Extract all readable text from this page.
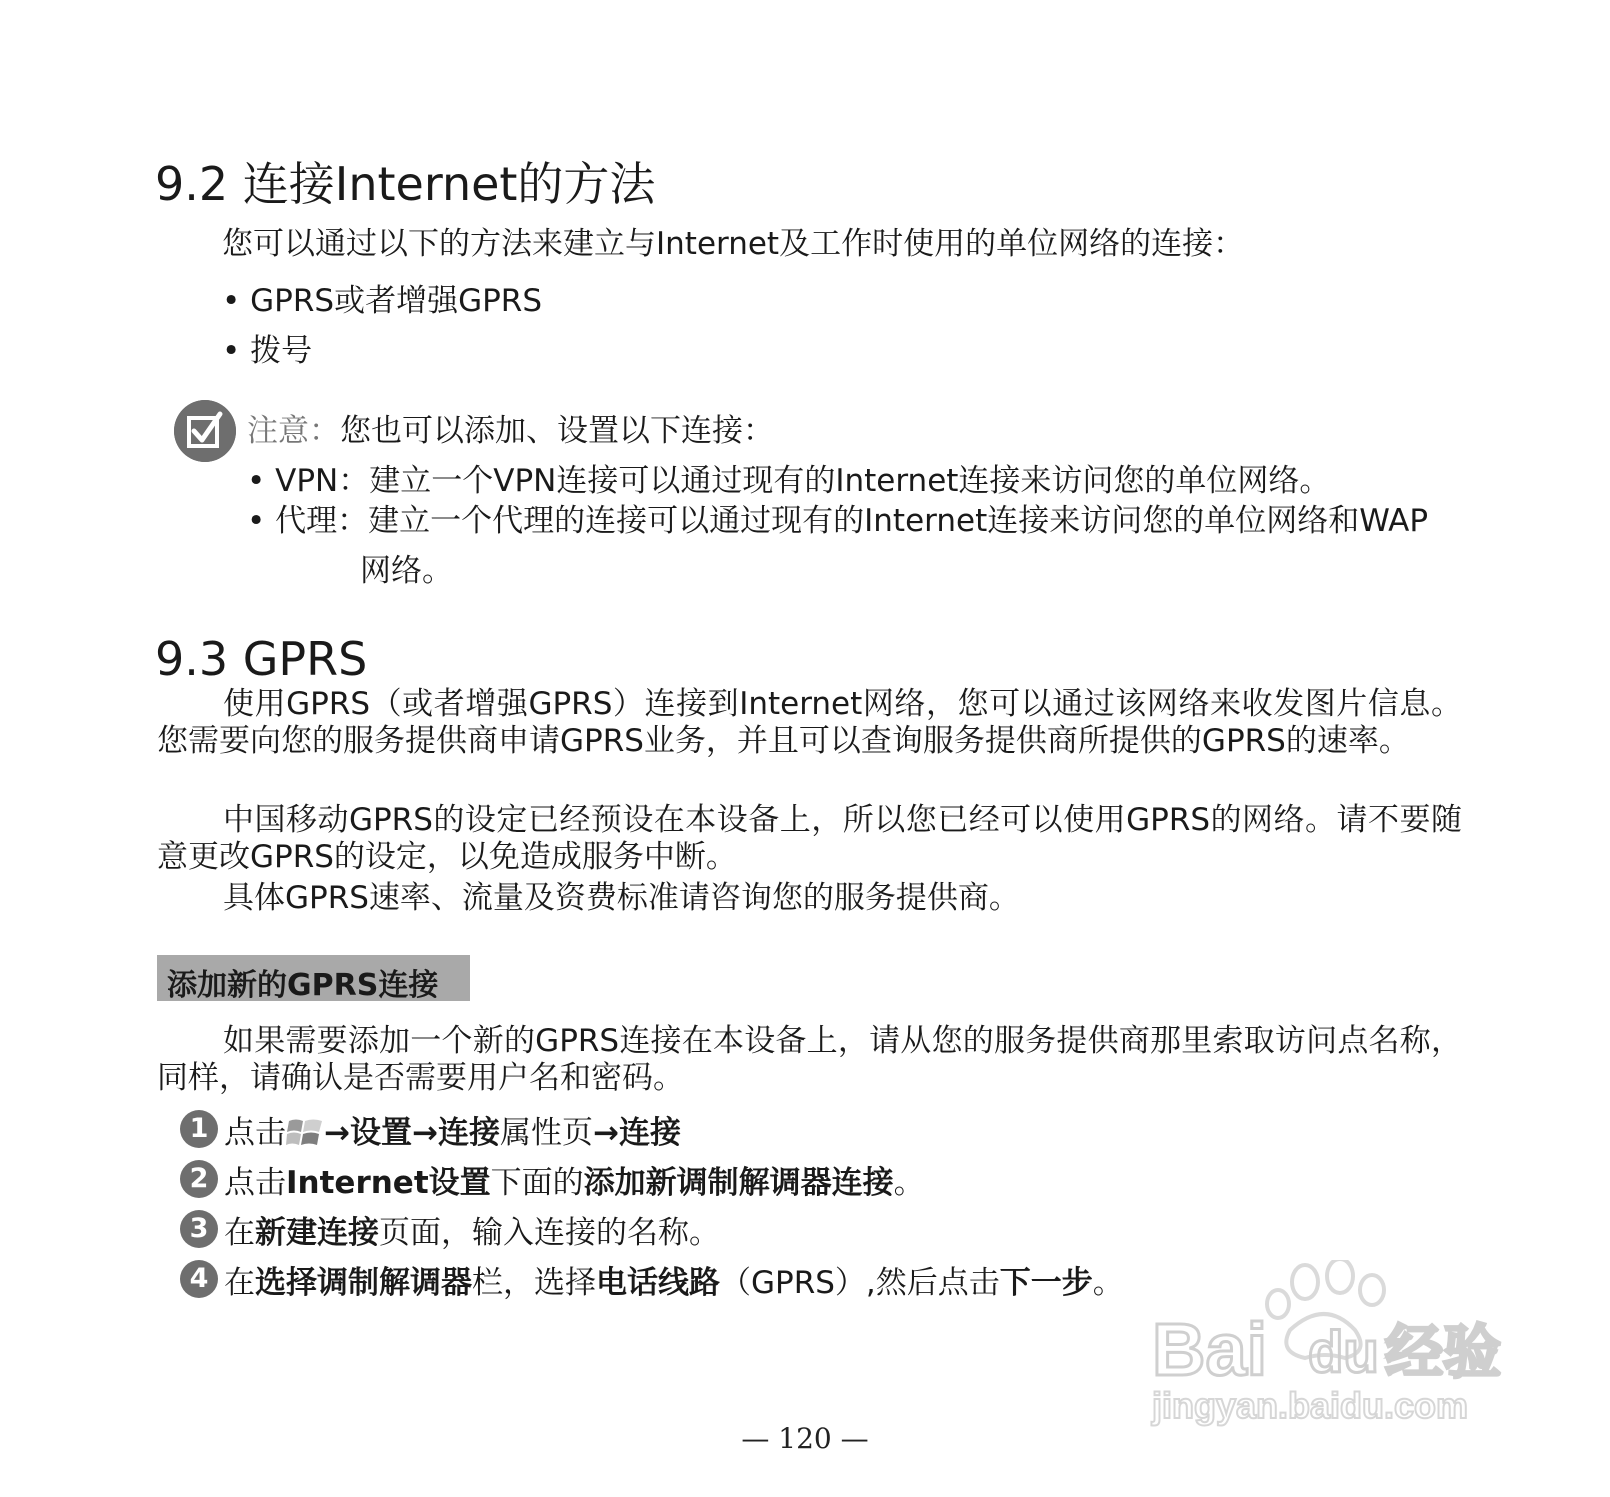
9.2 连接Internet的方法
您可以通过以下的方法来建立与Internet及工作时使用的单位网络的连接：
• GPRS或者增强GPRS
• 拨号
注意：您也可以添加、设置以下连接：
• VPN：建立一个VPN连接可以通过现有的Internet连接来访问您的单位网络。
• 代理：建立一个代理的连接可以通过现有的Internet连接来访问您的单位网络和WAP
网络。
9.3 GPRS
使用GPRS（或者增强GPRS）连接到Internet网络，您可以通过该网络来收发图片信息。您需要向您的服务提供商申请GPRS业务，并且可以查询服务提供商所提供的GPRS的速率。
中国移动GPRS的设定已经预设在本设备上，所以您已经可以使用GPRS的网络。请不要随意更改GPRS的设定，以免造成服务中断。
具体GPRS速率、流量及资费标准请咨询您的服务提供商。
添加新的GPRS连接
如果需要添加一个新的GPRS连接在本设备上，请从您的服务提供商那里索取访问点名称，同样，请确认是否需要用户名和密码。
1 点击 →设置→连接属性页→连接
2 点击Internet设置下面的添加新调制解调器连接。
3 在新建连接页面，输入连接的名称。
4 在选择调制解调器栏，选择电话线路（GPRS）,然后点击下一步。
Bai du 经验
jingyan.baidu.com
— 120 —
